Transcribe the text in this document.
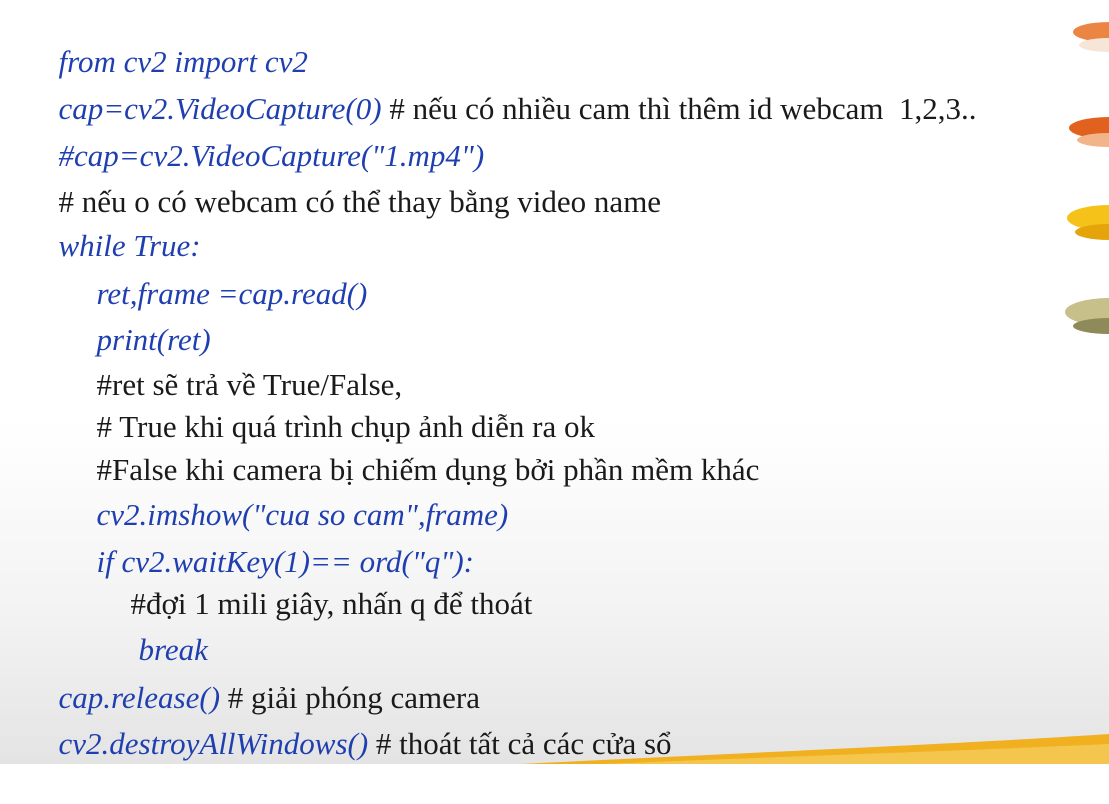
from cv2 import cv2

cap=cv2.VideoCapture(0) # nếu có nhiều cam thì thêm id webcam  1,2,3..

#cap=cv2.VideoCapture("1.mp4")

# nếu o có webcam có thể thay bằng video name

while True:

ret,frame =cap.read()

print(ret)

#ret sẽ trả về True/False,

# True khi quá trình chụp ảnh diễn ra ok

#False khi camera bị chiếm dụng bởi phần mềm khác

cv2.imshow("cua so cam",frame)

if cv2.waitKey(1)== ord("q"):

#đợi 1 mili giây, nhấn q để thoát

break

cap.release() # giải phóng camera

cv2.destroyAllWindows() # thoát tất cả các cửa sổ
